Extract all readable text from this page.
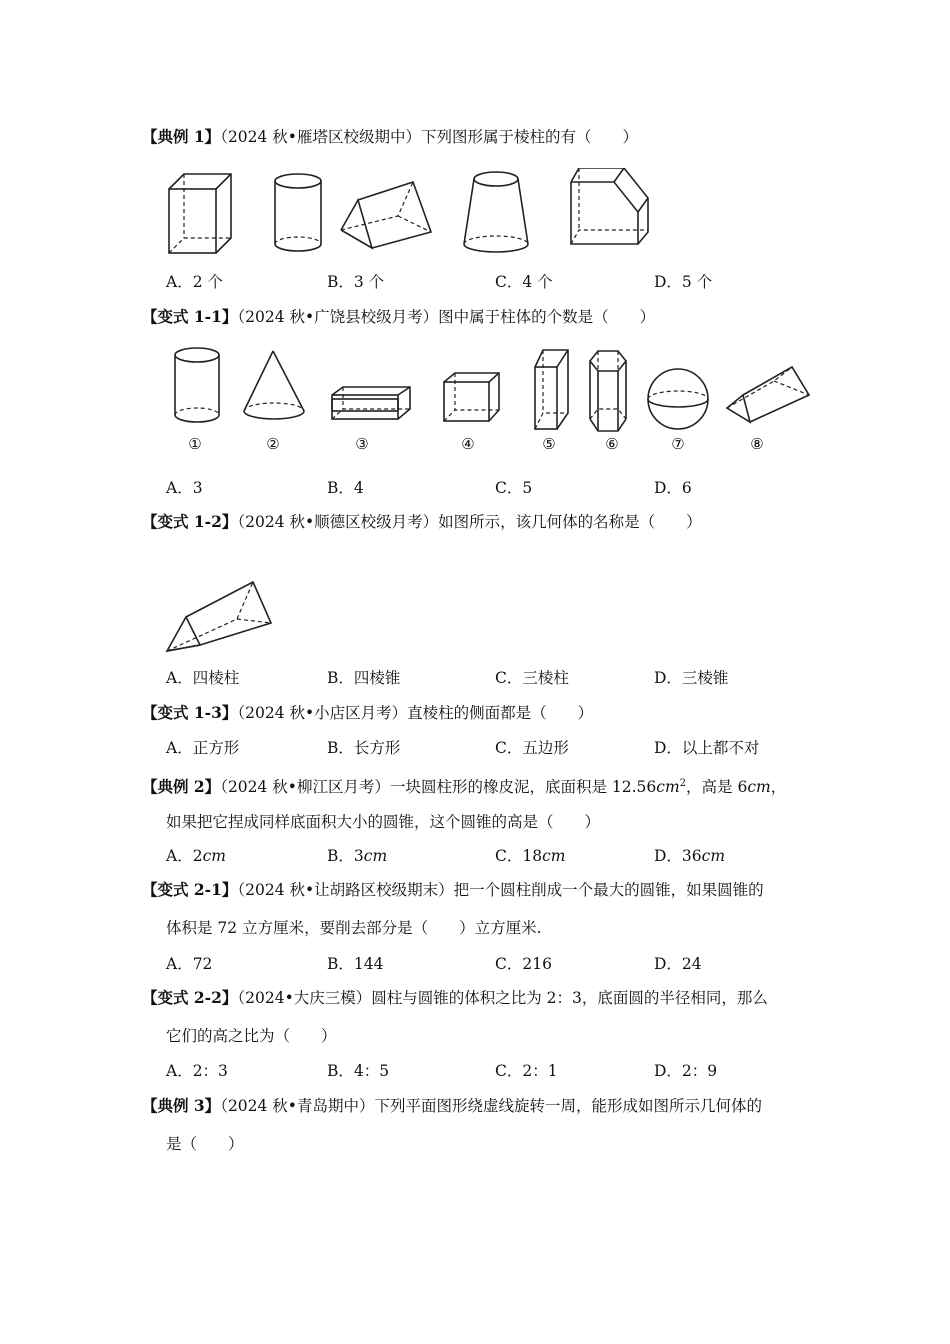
【典例 1】（2024 秋•雁塔区校级期中）下列图形属于棱柱的有（　　）
A．2 个	B．3 个	C．4 个	D．5 个
【变式 1-1】（2024 秋•广饶县校级月考）图中属于柱体的个数是（　　）
①	②	③	④	⑤	⑥	⑦	⑧
A．3	B．4	C．5	D．6
【变式 1-2】（2024 秋•顺德区校级月考）如图所示，该几何体的名称是（　　）
A．四棱柱	B．四棱锥	C．三棱柱	D．三棱锥
【变式 1-3】（2024 秋•小店区月考）直棱柱的侧面都是（　　）
A．正方形	B．长方形	C．五边形	D．以上都不对
【典例 2】（2024 秋•柳江区月考）一块圆柱形的橡皮泥，底面积是 $12.56cm^2$，高是 6cm，
如果把它捏成同样底面积大小的圆锥，这个圆锥的高是（　　）
A．2cm	B．3cm	C．18cm	D．36cm
【变式 2-1】（2024 秋•让胡路区校级期末）把一个圆柱削成一个最大的圆锥，如果圆锥的
体积是 72 立方厘米，要削去部分是（　　）立方厘米.
A．72	B．144	C．216	D．24
【变式 2-2】（2024•大庆三模）圆柱与圆锥的体积之比为 2：3，底面圆的半径相同，那么
它们的高之比为（　　）
A．2：3	B．4：5	C．2：1	D．2：9
【典例 3】（2024 秋•青岛期中）下列平面图形绕虚线旋转一周，能形成如图所示几何体的
是（　　）
